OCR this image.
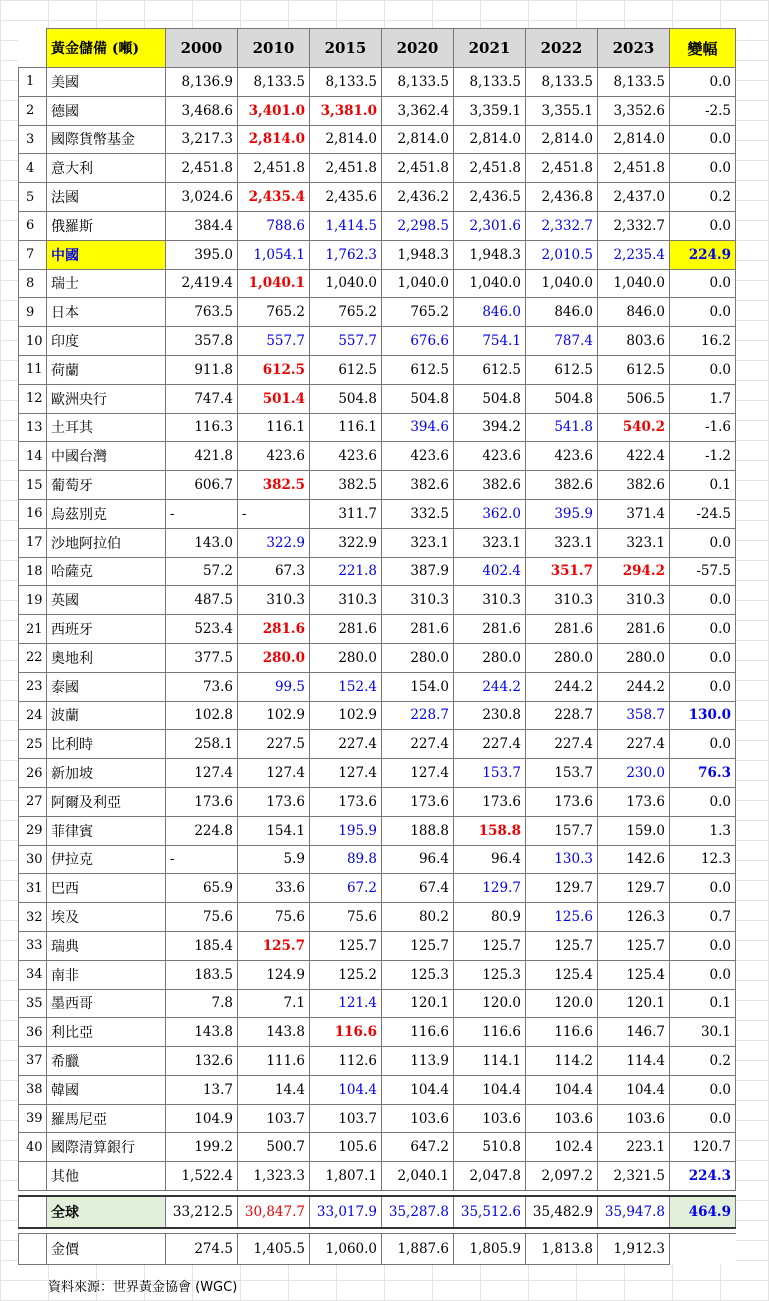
	黃金儲備 (噸)	2000	2010	2015	2020	2021	2022	2023	變幅
1	美國	8,136.9	8,133.5	8,133.5	8,133.5	8,133.5	8,133.5	8,133.5	0.0
2	德國	3,468.6	3,401.0	3,381.0	3,362.4	3,359.1	3,355.1	3,352.6	-2.5
3	國際貨幣基金	3,217.3	2,814.0	2,814.0	2,814.0	2,814.0	2,814.0	2,814.0	0.0
4	意大利	2,451.8	2,451.8	2,451.8	2,451.8	2,451.8	2,451.8	2,451.8	0.0
5	法國	3,024.6	2,435.4	2,435.6	2,436.2	2,436.5	2,436.8	2,437.0	0.2
6	俄羅斯	384.4	788.6	1,414.5	2,298.5	2,301.6	2,332.7	2,332.7	0.0
7	中國	395.0	1,054.1	1,762.3	1,948.3	1,948.3	2,010.5	2,235.4	224.9
8	瑞士	2,419.4	1,040.1	1,040.0	1,040.0	1,040.0	1,040.0	1,040.0	0.0
9	日本	763.5	765.2	765.2	765.2	846.0	846.0	846.0	0.0
10	印度	357.8	557.7	557.7	676.6	754.1	787.4	803.6	16.2
11	荷蘭	911.8	612.5	612.5	612.5	612.5	612.5	612.5	0.0
12	歐洲央行	747.4	501.4	504.8	504.8	504.8	504.8	506.5	1.7
13	土耳其	116.3	116.1	116.1	394.6	394.2	541.8	540.2	-1.6
14	中國台灣	421.8	423.6	423.6	423.6	423.6	423.6	422.4	-1.2
15	葡萄牙	606.7	382.5	382.5	382.6	382.6	382.6	382.6	0.1
16	烏茲別克	-	-	311.7	332.5	362.0	395.9	371.4	-24.5
17	沙地阿拉伯	143.0	322.9	322.9	323.1	323.1	323.1	323.1	0.0
18	哈薩克	57.2	67.3	221.8	387.9	402.4	351.7	294.2	-57.5
19	英國	487.5	310.3	310.3	310.3	310.3	310.3	310.3	0.0
21	西班牙	523.4	281.6	281.6	281.6	281.6	281.6	281.6	0.0
22	奧地利	377.5	280.0	280.0	280.0	280.0	280.0	280.0	0.0
23	泰國	73.6	99.5	152.4	154.0	244.2	244.2	244.2	0.0
24	波蘭	102.8	102.9	102.9	228.7	230.8	228.7	358.7	130.0
25	比利時	258.1	227.5	227.4	227.4	227.4	227.4	227.4	0.0
26	新加坡	127.4	127.4	127.4	127.4	153.7	153.7	230.0	76.3
27	阿爾及利亞	173.6	173.6	173.6	173.6	173.6	173.6	173.6	0.0
29	菲律賓	224.8	154.1	195.9	188.8	158.8	157.7	159.0	1.3
30	伊拉克	-	5.9	89.8	96.4	96.4	130.3	142.6	12.3
31	巴西	65.9	33.6	67.2	67.4	129.7	129.7	129.7	0.0
32	埃及	75.6	75.6	75.6	80.2	80.9	125.6	126.3	0.7
33	瑞典	185.4	125.7	125.7	125.7	125.7	125.7	125.7	0.0
34	南非	183.5	124.9	125.2	125.3	125.3	125.4	125.4	0.0
35	墨西哥	7.8	7.1	121.4	120.1	120.0	120.0	120.1	0.1
36	利比亞	143.8	143.8	116.6	116.6	116.6	116.6	146.7	30.1
37	希臘	132.6	111.6	112.6	113.9	114.1	114.2	114.4	0.2
38	韓國	13.7	14.4	104.4	104.4	104.4	104.4	104.4	0.0
39	羅馬尼亞	104.9	103.7	103.7	103.6	103.6	103.6	103.6	0.0
40	國際清算銀行	199.2	500.7	105.6	647.2	510.8	102.4	223.1	120.7
	其他	1,522.4	1,323.3	1,807.1	2,040.1	2,047.8	2,097.2	2,321.5	224.3

	全球	33,212.5	30,847.7	33,017.9	35,287.8	35,512.6	35,482.9	35,947.8	464.9

	金價	274.5	1,405.5	1,060.0	1,887.6	1,805.9	1,813.8	1,912.3	
資料來源：世界黃金協會 (WGC)
